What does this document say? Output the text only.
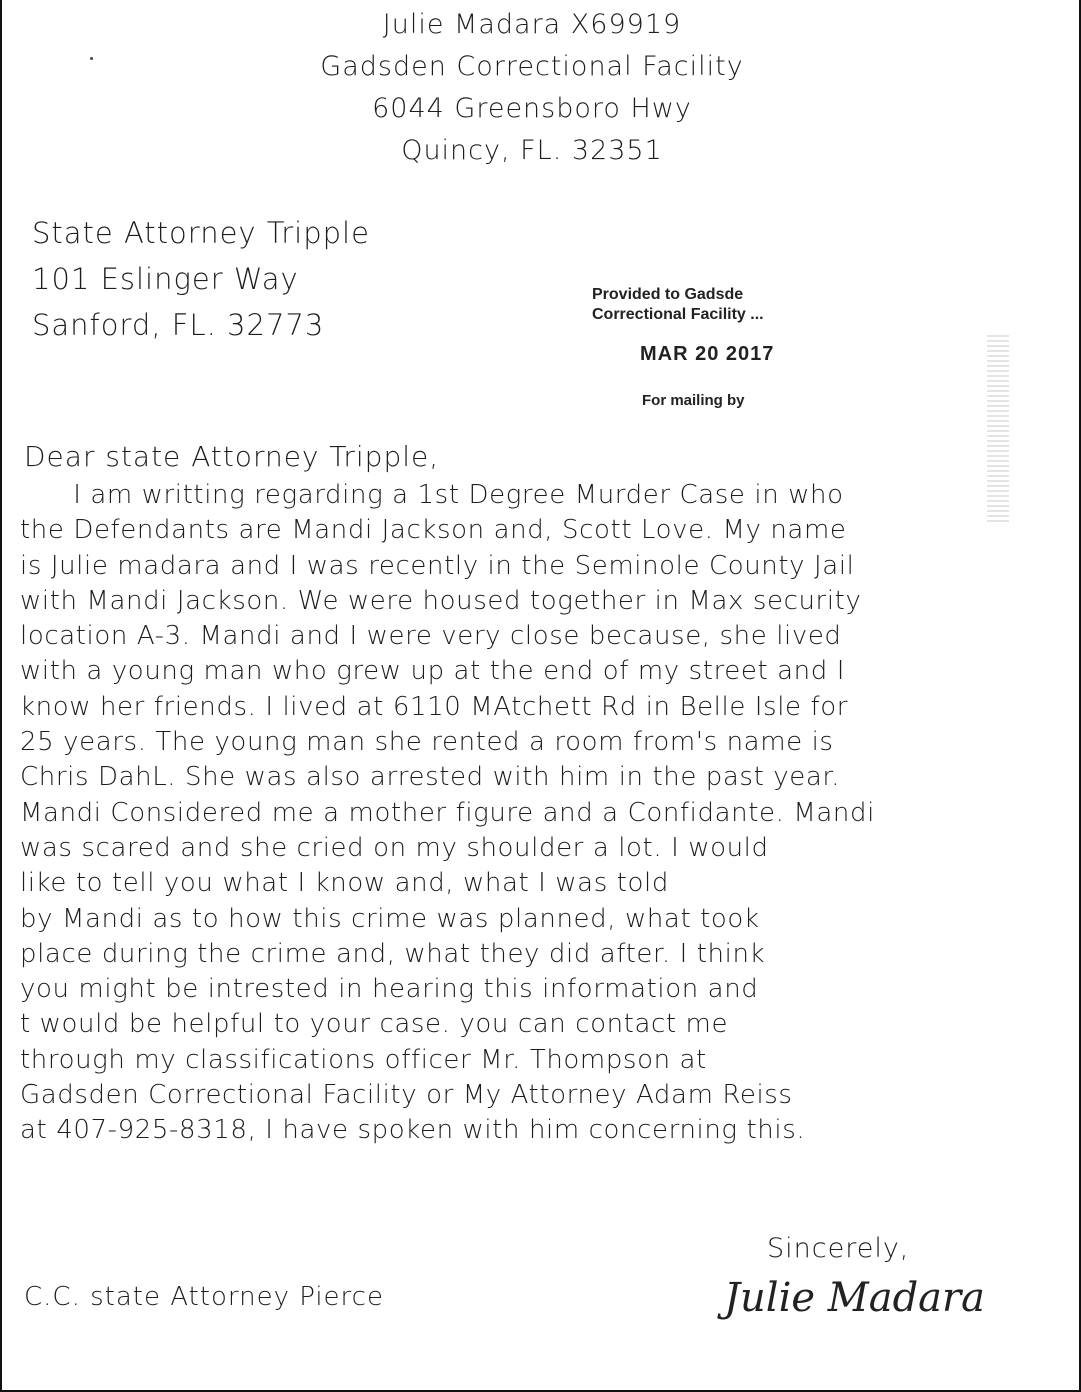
Julie Madara X69919
Gadsden Correctional Facility
6044 Greensboro Hwy
Quincy, FL. 32351
State Attorney Tripple
101 Eslinger Way
Sanford, FL. 32773
Provided to Gadsde
Correctional Facility ...
MAR 20 2017
For mailing by
Dear state Attorney Tripple,
I am writting regarding a 1st Degree Murder Case in who
the Defendants are Mandi Jackson and, Scott Love. My name
is Julie madara and I was recently in the Seminole County Jail
with Mandi Jackson. We were housed together in Max security
location A-3. Mandi and I were very close because, she lived
with a young man who grew up at the end of my street and I
know her friends. I lived at 6110 MAtchett Rd in Belle Isle for
25 years. The young man she rented a room from's name is
Chris DahL. She was also arrested with him in the past year.
Mandi Considered me a mother figure and a Confidante. Mandi
was scared and she cried on my shoulder a lot. I would
like to tell you what I know and, what I was told
by Mandi as to how this crime was planned, what took
place during the crime and, what they did after. I think
you might be intrested in hearing this information and
t would be helpful to your case. you can contact me
through my classifications officer Mr. Thompson at
Gadsden Correctional Facility or My Attorney Adam Reiss
at 407-925-8318, I have spoken with him concerning this.
Sincerely,
Julie Madara
C.C. state Attorney Pierce
